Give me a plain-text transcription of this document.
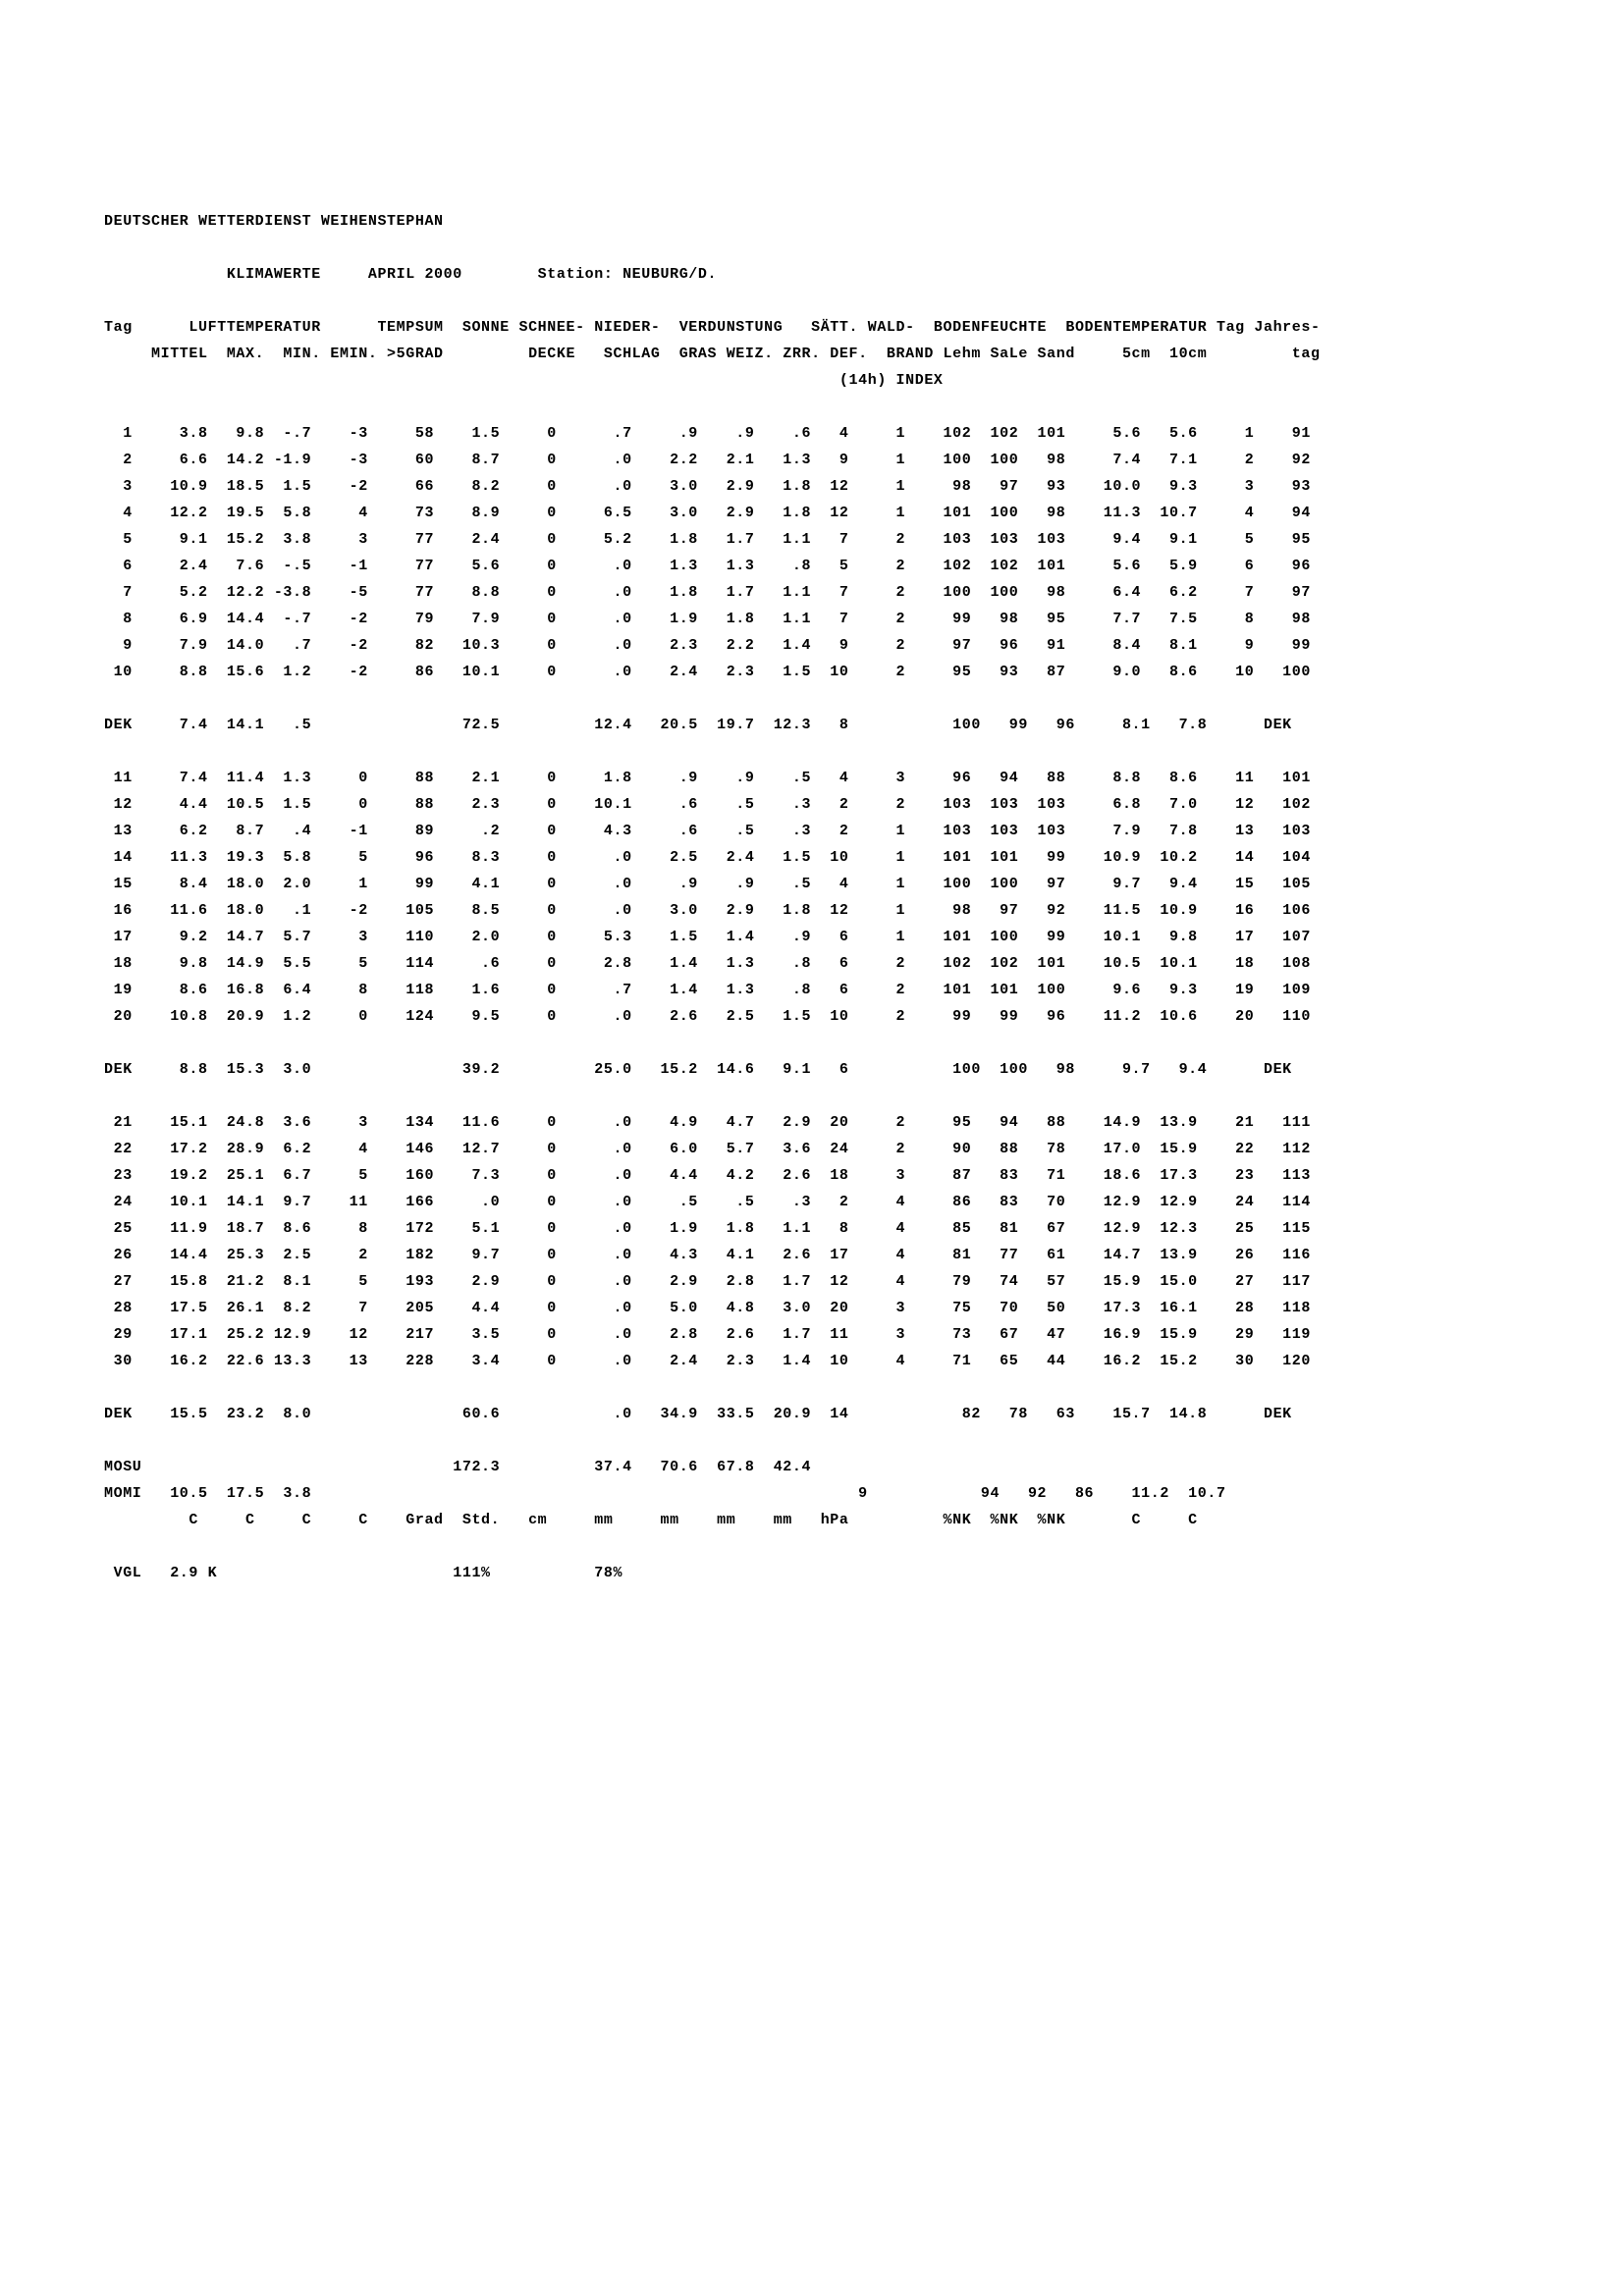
DEUTSCHER WETTERDIENST WEIHENSTEPHAN
KLIMAWERTE     APRIL 2000        Station: NEUBURG/D.
Tag      LUFTTEMPERATUR      TEMPSUM  SONNE SCHNEE- NIEDER-  VERDUNSTUNG   SÄTT. WALD-  BODENFEUCHTE  BODENTEMPERATUR Tag Jahres-
MITTEL  MAX.  MIN. EMIN. >5GRAD         DECKE   SCHLAG  GRAS WEIZ. ZRR. DEF.  BRAND Lehm SaLe Sand     5cm  10cm         tag
(14h) INDEX

1     3.8   9.8  -.7    -3     58    1.5     0      .7     .9    .9    .6   4     1    102  102  101     5.6   5.6     1    91
2     6.6  14.2 -1.9    -3     60    8.7     0      .0    2.2   2.1   1.3   9     1    100  100   98     7.4   7.1     2    92
3    10.9  18.5  1.5    -2     66    8.2     0      .0    3.0   2.9   1.8  12     1     98   97   93    10.0   9.3     3    93
4    12.2  19.5  5.8     4     73    8.9     0     6.5    3.0   2.9   1.8  12     1    101  100   98    11.3  10.7     4    94
5     9.1  15.2  3.8     3     77    2.4     0     5.2    1.8   1.7   1.1   7     2    103  103  103     9.4   9.1     5    95
6     2.4   7.6  -.5    -1     77    5.6     0      .0    1.3   1.3    .8   5     2    102  102  101     5.6   5.9     6    96
7     5.2  12.2 -3.8    -5     77    8.8     0      .0    1.8   1.7   1.1   7     2    100  100   98     6.4   6.2     7    97
8     6.9  14.4  -.7    -2     79    7.9     0      .0    1.9   1.8   1.1   7     2     99   98   95     7.7   7.5     8    98
9     7.9  14.0   .7    -2     82   10.3     0      .0    2.3   2.2   1.4   9     2     97   96   91     8.4   8.1     9    99
10     8.8  15.6  1.2    -2     86   10.1     0      .0    2.4   2.3   1.5  10     2     95   93   87     9.0   8.6    10   100

DEK     7.4  14.1   .5                72.5          12.4   20.5  19.7  12.3   8           100   99   96     8.1   7.8      DEK

11     7.4  11.4  1.3     0     88    2.1     0     1.8     .9    .9    .5   4     3     96   94   88     8.8   8.6    11   101
12     4.4  10.5  1.5     0     88    2.3     0    10.1     .6    .5    .3   2     2    103  103  103     6.8   7.0    12   102
13     6.2   8.7   .4    -1     89     .2     0     4.3     .6    .5    .3   2     1    103  103  103     7.9   7.8    13   103
14    11.3  19.3  5.8     5     96    8.3     0      .0    2.5   2.4   1.5  10     1    101  101   99    10.9  10.2    14   104
15     8.4  18.0  2.0     1     99    4.1     0      .0     .9    .9    .5   4     1    100  100   97     9.7   9.4    15   105
16    11.6  18.0   .1    -2    105    8.5     0      .0    3.0   2.9   1.8  12     1     98   97   92    11.5  10.9    16   106
17     9.2  14.7  5.7     3    110    2.0     0     5.3    1.5   1.4    .9   6     1    101  100   99    10.1   9.8    17   107
18     9.8  14.9  5.5     5    114     .6     0     2.8    1.4   1.3    .8   6     2    102  102  101    10.5  10.1    18   108
19     8.6  16.8  6.4     8    118    1.6     0      .7    1.4   1.3    .8   6     2    101  101  100     9.6   9.3    19   109
20    10.8  20.9  1.2     0    124    9.5     0      .0    2.6   2.5   1.5  10     2     99   99   96    11.2  10.6    20   110

DEK     8.8  15.3  3.0                39.2          25.0   15.2  14.6   9.1   6           100  100   98     9.7   9.4      DEK

21    15.1  24.8  3.6     3    134   11.6     0      .0    4.9   4.7   2.9  20     2     95   94   88    14.9  13.9    21   111
22    17.2  28.9  6.2     4    146   12.7     0      .0    6.0   5.7   3.6  24     2     90   88   78    17.0  15.9    22   112
23    19.2  25.1  6.7     5    160    7.3     0      .0    4.4   4.2   2.6  18     3     87   83   71    18.6  17.3    23   113
24    10.1  14.1  9.7    11    166     .0     0      .0     .5    .5    .3   2     4     86   83   70    12.9  12.9    24   114
25    11.9  18.7  8.6     8    172    5.1     0      .0    1.9   1.8   1.1   8     4     85   81   67    12.9  12.3    25   115
26    14.4  25.3  2.5     2    182    9.7     0      .0    4.3   4.1   2.6  17     4     81   77   61    14.7  13.9    26   116
27    15.8  21.2  8.1     5    193    2.9     0      .0    2.9   2.8   1.7  12     4     79   74   57    15.9  15.0    27   117
28    17.5  26.1  8.2     7    205    4.4     0      .0    5.0   4.8   3.0  20     3     75   70   50    17.3  16.1    28   118
29    17.1  25.2 12.9    12    217    3.5     0      .0    2.8   2.6   1.7  11     3     73   67   47    16.9  15.9    29   119
30    16.2  22.6 13.3    13    228    3.4     0      .0    2.4   2.3   1.4  10     4     71   65   44    16.2  15.2    30   120

DEK    15.5  23.2  8.0                60.6            .0   34.9  33.5  20.9  14            82   78   63    15.7  14.8      DEK

MOSU                                 172.3          37.4   70.6  67.8  42.4
MOMI   10.5  17.5  3.8                                                          9            94   92   86    11.2  10.7
C     C     C     C    Grad  Std.   cm     mm     mm    mm    mm   hPa          %NK  %NK  %NK       C     C

VGL   2.9 K                         111%           78%
